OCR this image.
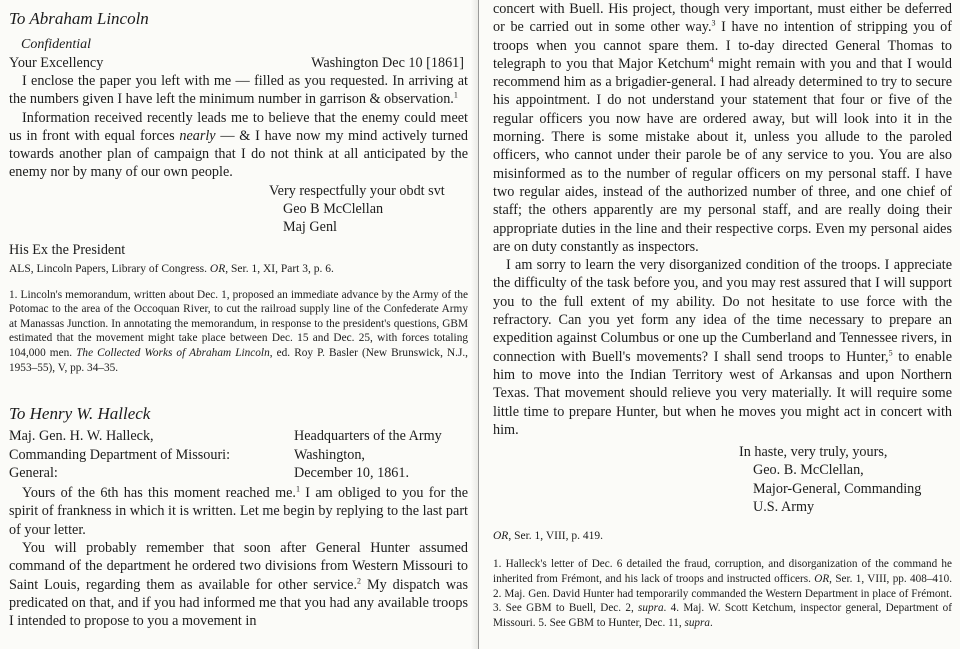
To Abraham Lincoln

Confidential

Your Excellency	Washington Dec 10 [1861]

I enclose the paper you left with me — filled as you requested. In arriving at the numbers given I have left the minimum number in garrison & observation.$^1$

Information received recently leads me to believe that the enemy could meet us in front with equal forces nearly — & I have now my mind actively turned towards another plan of campaign that I do not think at all anticipated by the enemy nor by many of our own people.

Very respectfully your obdt svt

Geo B McClellan

Maj Genl

His Ex the President

ALS, Lincoln Papers, Library of Congress. OR, Ser. 1, XI, Part 3, p. 6.

1. Lincoln's memorandum, written about Dec. 1, proposed an immediate advance by the Army of the Potomac to the area of the Occoquan River, to cut the railroad supply line of the Confederate Army at Manassas Junction. In annotating the memorandum, in response to the president's questions, GBM estimated that the movement might take place between Dec. 15 and Dec. 25, with forces totaling 104,000 men. The Collected Works of Abraham Lincoln, ed. Roy P. Basler (New Brunswick, N.J., 1953–55), V, pp. 34–35.

To Henry W. Halleck

Maj. Gen. H. W. Halleck,	Headquarters of the Army
Commanding Department of Missouri:	Washington,
General:	December 10, 1861.

Yours of the 6th has this moment reached me.$^1$ I am obliged to you for the spirit of frankness in which it is written. Let me begin by replying to the last part of your letter.

You will probably remember that soon after General Hunter assumed command of the department he ordered two divisions from Western Missouri to Saint Louis, regarding them as available for other service.$^2$ My dispatch was predicated on that, and if you had informed me that you had any available troops I intended to propose to you a movement in

concert with Buell. His project, though very important, must either be deferred or be carried out in some other way.$^3$ I have no intention of stripping you of troops when you cannot spare them. I to-day directed General Thomas to telegraph to you that Major Ketchum$^4$ might remain with you and that I would recommend him as a brigadier-general. I had already determined to try to secure his appointment. I do not understand your statement that four or five of the regular officers you now have are ordered away, but will look into it in the morning. There is some mistake about it, unless you allude to the paroled officers, who cannot under their parole be of any service to you. You are also misinformed as to the number of regular officers on my personal staff. I have two regular aides, instead of the authorized number of three, and one chief of staff; the others apparently are my personal staff, and are really doing their appropriate duties in the line and their respective corps. Even my personal aides are on duty constantly as inspectors.

I am sorry to learn the very disorganized condition of the troops. I appreciate the difficulty of the task before you, and you may rest assured that I will support you to the full extent of my ability. Do not hesitate to use force with the refractory. Can you yet form any idea of the time necessary to prepare an expedition against Columbus or one up the Cumberland and Tennessee rivers, in connection with Buell's movements? I shall send troops to Hunter,$^5$ to enable him to move into the Indian Territory west of Arkansas and upon Northern Texas. That movement should relieve you very materially. It will require some little time to prepare Hunter, but when he moves you might act in concert with him.

In haste, very truly, yours,
Geo. B. McClellan,
Major-General, Commanding
U.S. Army

OR, Ser. 1, VIII, p. 419.

1. Halleck's letter of Dec. 6 detailed the fraud, corruption, and disorganization of the command he inherited from Frémont, and his lack of troops and instructed officers. OR, Ser. 1, VIII, pp. 408–410. 2. Maj. Gen. David Hunter had temporarily commanded the Western Department in place of Frémont. 3. See GBM to Buell, Dec. 2, supra. 4. Maj. W. Scott Ketchum, inspector general, Department of Missouri. 5. See GBM to Hunter, Dec. 11, supra.
